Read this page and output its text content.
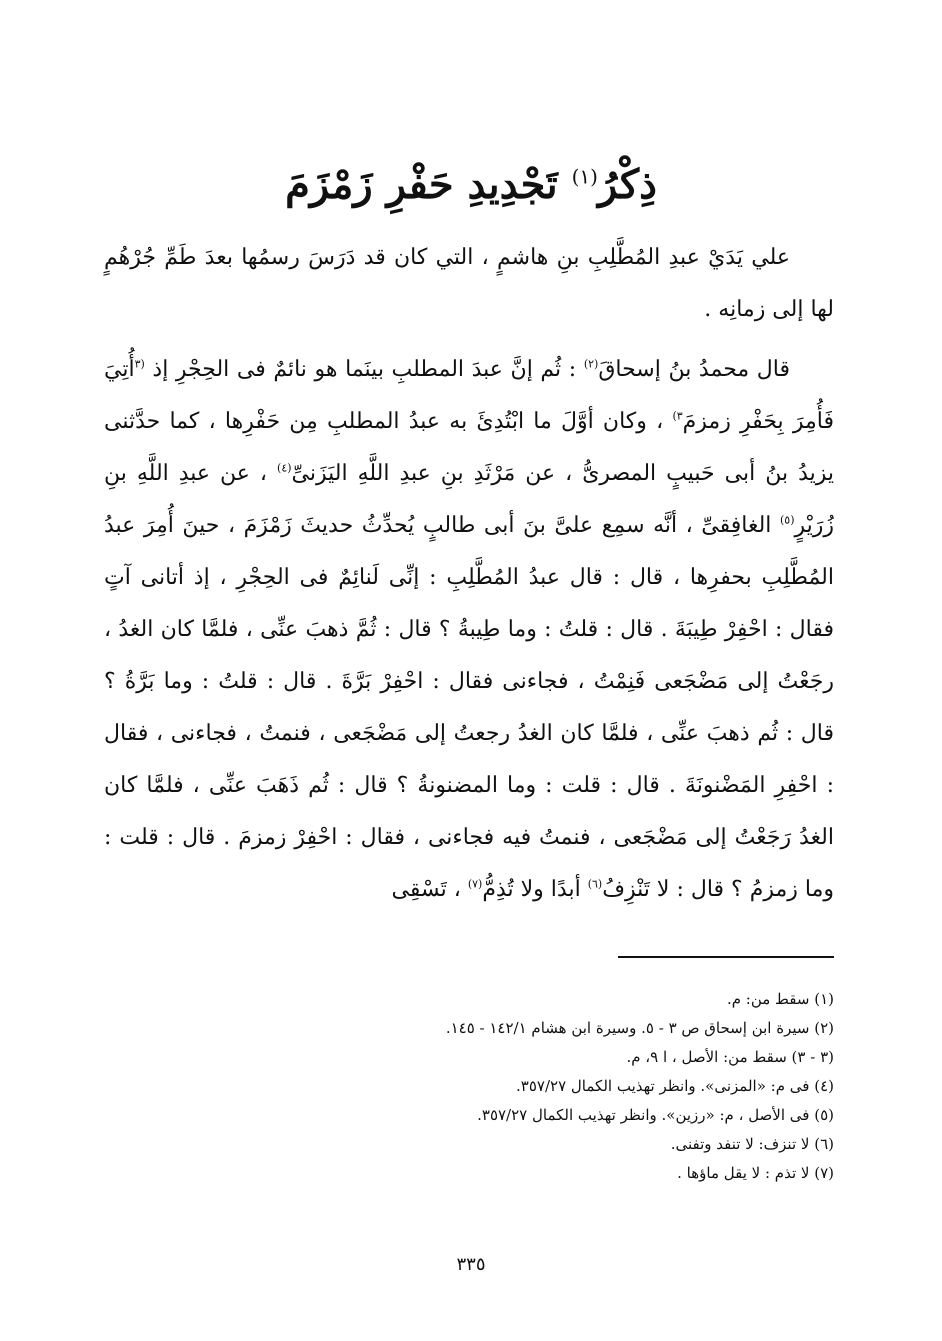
ذِكْرُ$^{(١)}$ تَجْدِيدِ حَفْرِ زَمْزَمَ

علي يَدَيْ عبدِ المُطَّلِبِ بنِ هاشمٍ ، التي كان قد دَرَسَ رسمُها بعدَ طَمِّ جُرْهُمٍ لها إلى زمانِه .

قال محمدُ بنُ إسحاقَ$^{(٢)}$ : ثُم إنَّ عبدَ المطلبِ بينَما هو نائمٌ فى الحِجْرِ إذ $^{(٣}$أُتِيَ فَأُمِرَ بِحَفْرِ زمزمَ$^{٣)}$ ، وكان أوَّلَ ما ابْتُدِئَ به عبدُ المطلبِ مِن حَفْرِها ، كما حدَّثنى يزيدُ بنُ أبى حَبيبٍ المصرىُّ ، عن مَرْثَدِ بنِ عبدِ اللَّهِ اليَزَنىِّ$^{(٤)}$ ، عن عبدِ اللَّهِ بنِ زُرَيْرٍ$^{(٥)}$ الغافِقىِّ ، أنَّه سمِع علىَّ بنَ أبى طالبٍ يُحدِّثُ حديثَ زَمْزَمَ ، حينَ أُمِرَ عبدُ المُطَّلِبِ بحفرِها ، قال : قال عبدُ المُطَّلِبِ : إنِّى لَنائِمٌ فى الحِجْرِ ، إذ أتانى آتٍ فقال : احْفِرْ طِيبَةَ . قال : قلتُ : وما طِيبةُ ؟ قال : ثُمَّ ذهبَ عنِّى ، فلمَّا كان الغدُ ، رجَعْتُ إلى مَضْجَعى فَنِمْتُ ، فجاءنى فقال : احْفِرْ بَرَّةَ . قال : قلتُ : وما بَرَّةُ ؟ قال : ثُم ذهبَ عنِّى ، فلمَّا كان الغدُ رجعتُ إلى مَضْجَعى ، فنمتُ ، فجاءنى ، فقال : احْفِرِ المَضْنونَةَ . قال : قلت : وما المضنونةُ ؟ قال : ثُم ذَهَبَ عنِّى ، فلمَّا كان الغدُ رَجَعْتُ إلى مَضْجَعى ، فنمتُ فيه فجاءنى ، فقال : احْفِرْ زمزمَ . قال : قلت : وما زمزمُ ؟ قال : لا تَنْزِفُ$^{(٦)}$ أبدًا ولا تُذِمُّ$^{(٧)}$ ، تَسْقِى

(١) سقط من: م.
(٢) سيرة ابن إسحاق ص ٣ - ٥. وسيرة ابن هشام ١٤٢/١ - ١٤٥.
(٣ - ٣) سقط من: الأصل ، ا ٩، م.
(٤) فى م: «المزنى». وانظر تهذيب الكمال ٣٥٧/٢٧.
(٥) فى الأصل ، م: «رزين». وانظر تهذيب الكمال ٣٥٧/٢٧.
(٦) لا تنزف: لا تنفد وتفنى.
(٧) لا تذم : لا يقل ماؤها .
٣٣٥
